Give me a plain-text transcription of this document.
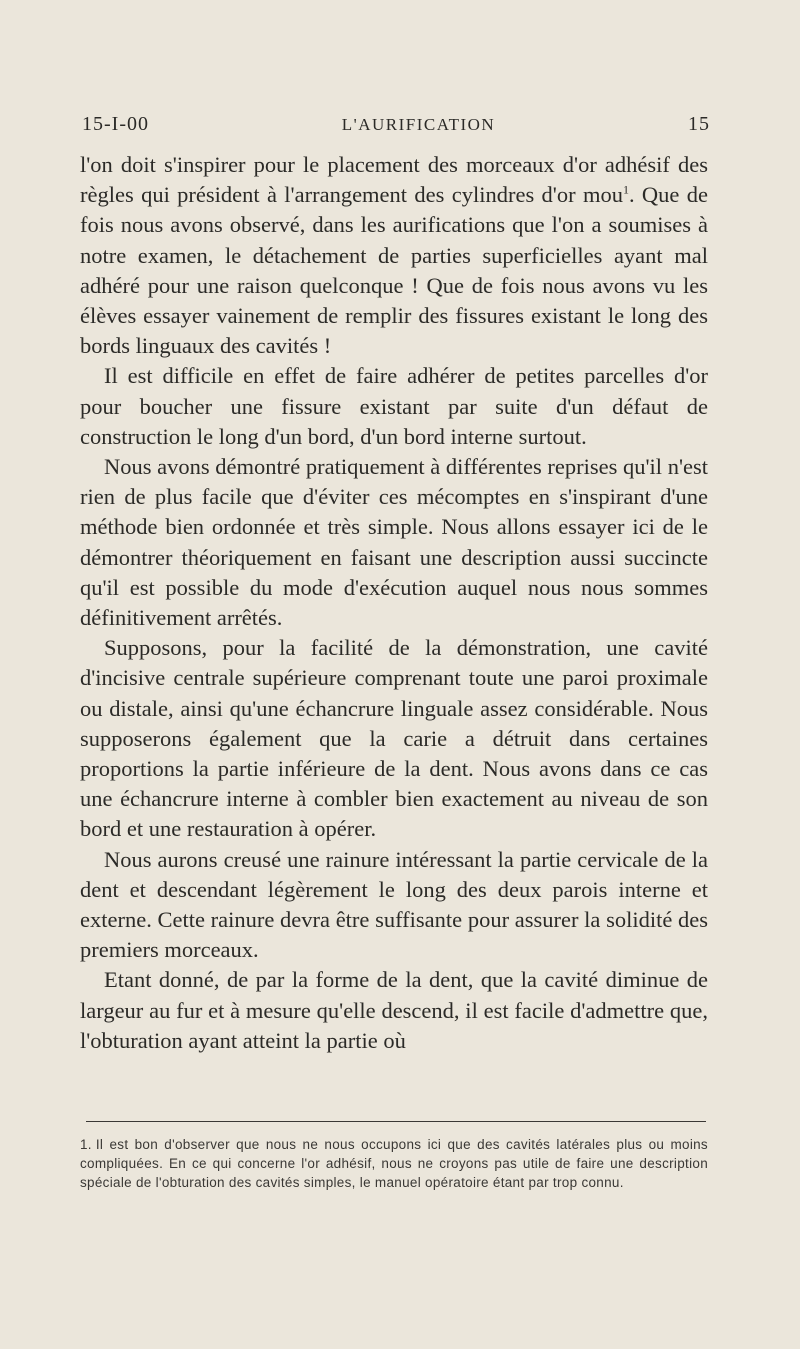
15-I-00	L'AURIFICATION	15

l'on doit s'inspirer pour le placement des morceaux d'or adhésif des règles qui président à l'arrangement des cylindres d'or mou$^1$. Que de fois nous avons observé, dans les aurifications que l'on a soumises à notre examen, le détachement de parties superficielles ayant mal adhéré pour une raison quelconque ! Que de fois nous avons vu les élèves essayer vainement de remplir des fissures existant le long des bords linguaux des cavités !

Il est difficile en effet de faire adhérer de petites parcelles d'or pour boucher une fissure existant par suite d'un défaut de construction le long d'un bord, d'un bord interne surtout.

Nous avons démontré pratiquement à différentes reprises qu'il n'est rien de plus facile que d'éviter ces mécomptes en s'inspirant d'une méthode bien ordonnée et très simple. Nous allons essayer ici de le démontrer théoriquement en faisant une description aussi succincte qu'il est possible du mode d'exécution auquel nous nous sommes définitivement arrêtés.

Supposons, pour la facilité de la démonstration, une cavité d'incisive centrale supérieure comprenant toute une paroi proximale ou distale, ainsi qu'une échancrure linguale assez considérable. Nous supposerons également que la carie a détruit dans certaines proportions la partie inférieure de la dent. Nous avons dans ce cas une échancrure interne à combler bien exactement au niveau de son bord et une restauration à opérer.

Nous aurons creusé une rainure intéressant la partie cervicale de la dent et descendant légèrement le long des deux parois interne et externe. Cette rainure devra être suffisante pour assurer la solidité des premiers morceaux.

Etant donné, de par la forme de la dent, que la cavité diminue de largeur au fur et à mesure qu'elle descend, il est facile d'admettre que, l'obturation ayant atteint la partie où

1. Il est bon d'observer que nous ne nous occupons ici que des cavités latérales plus ou moins compliquées. En ce qui concerne l'or adhésif, nous ne croyons pas utile de faire une description spéciale de l'obturation des cavités simples, le manuel opératoire étant par trop connu.
